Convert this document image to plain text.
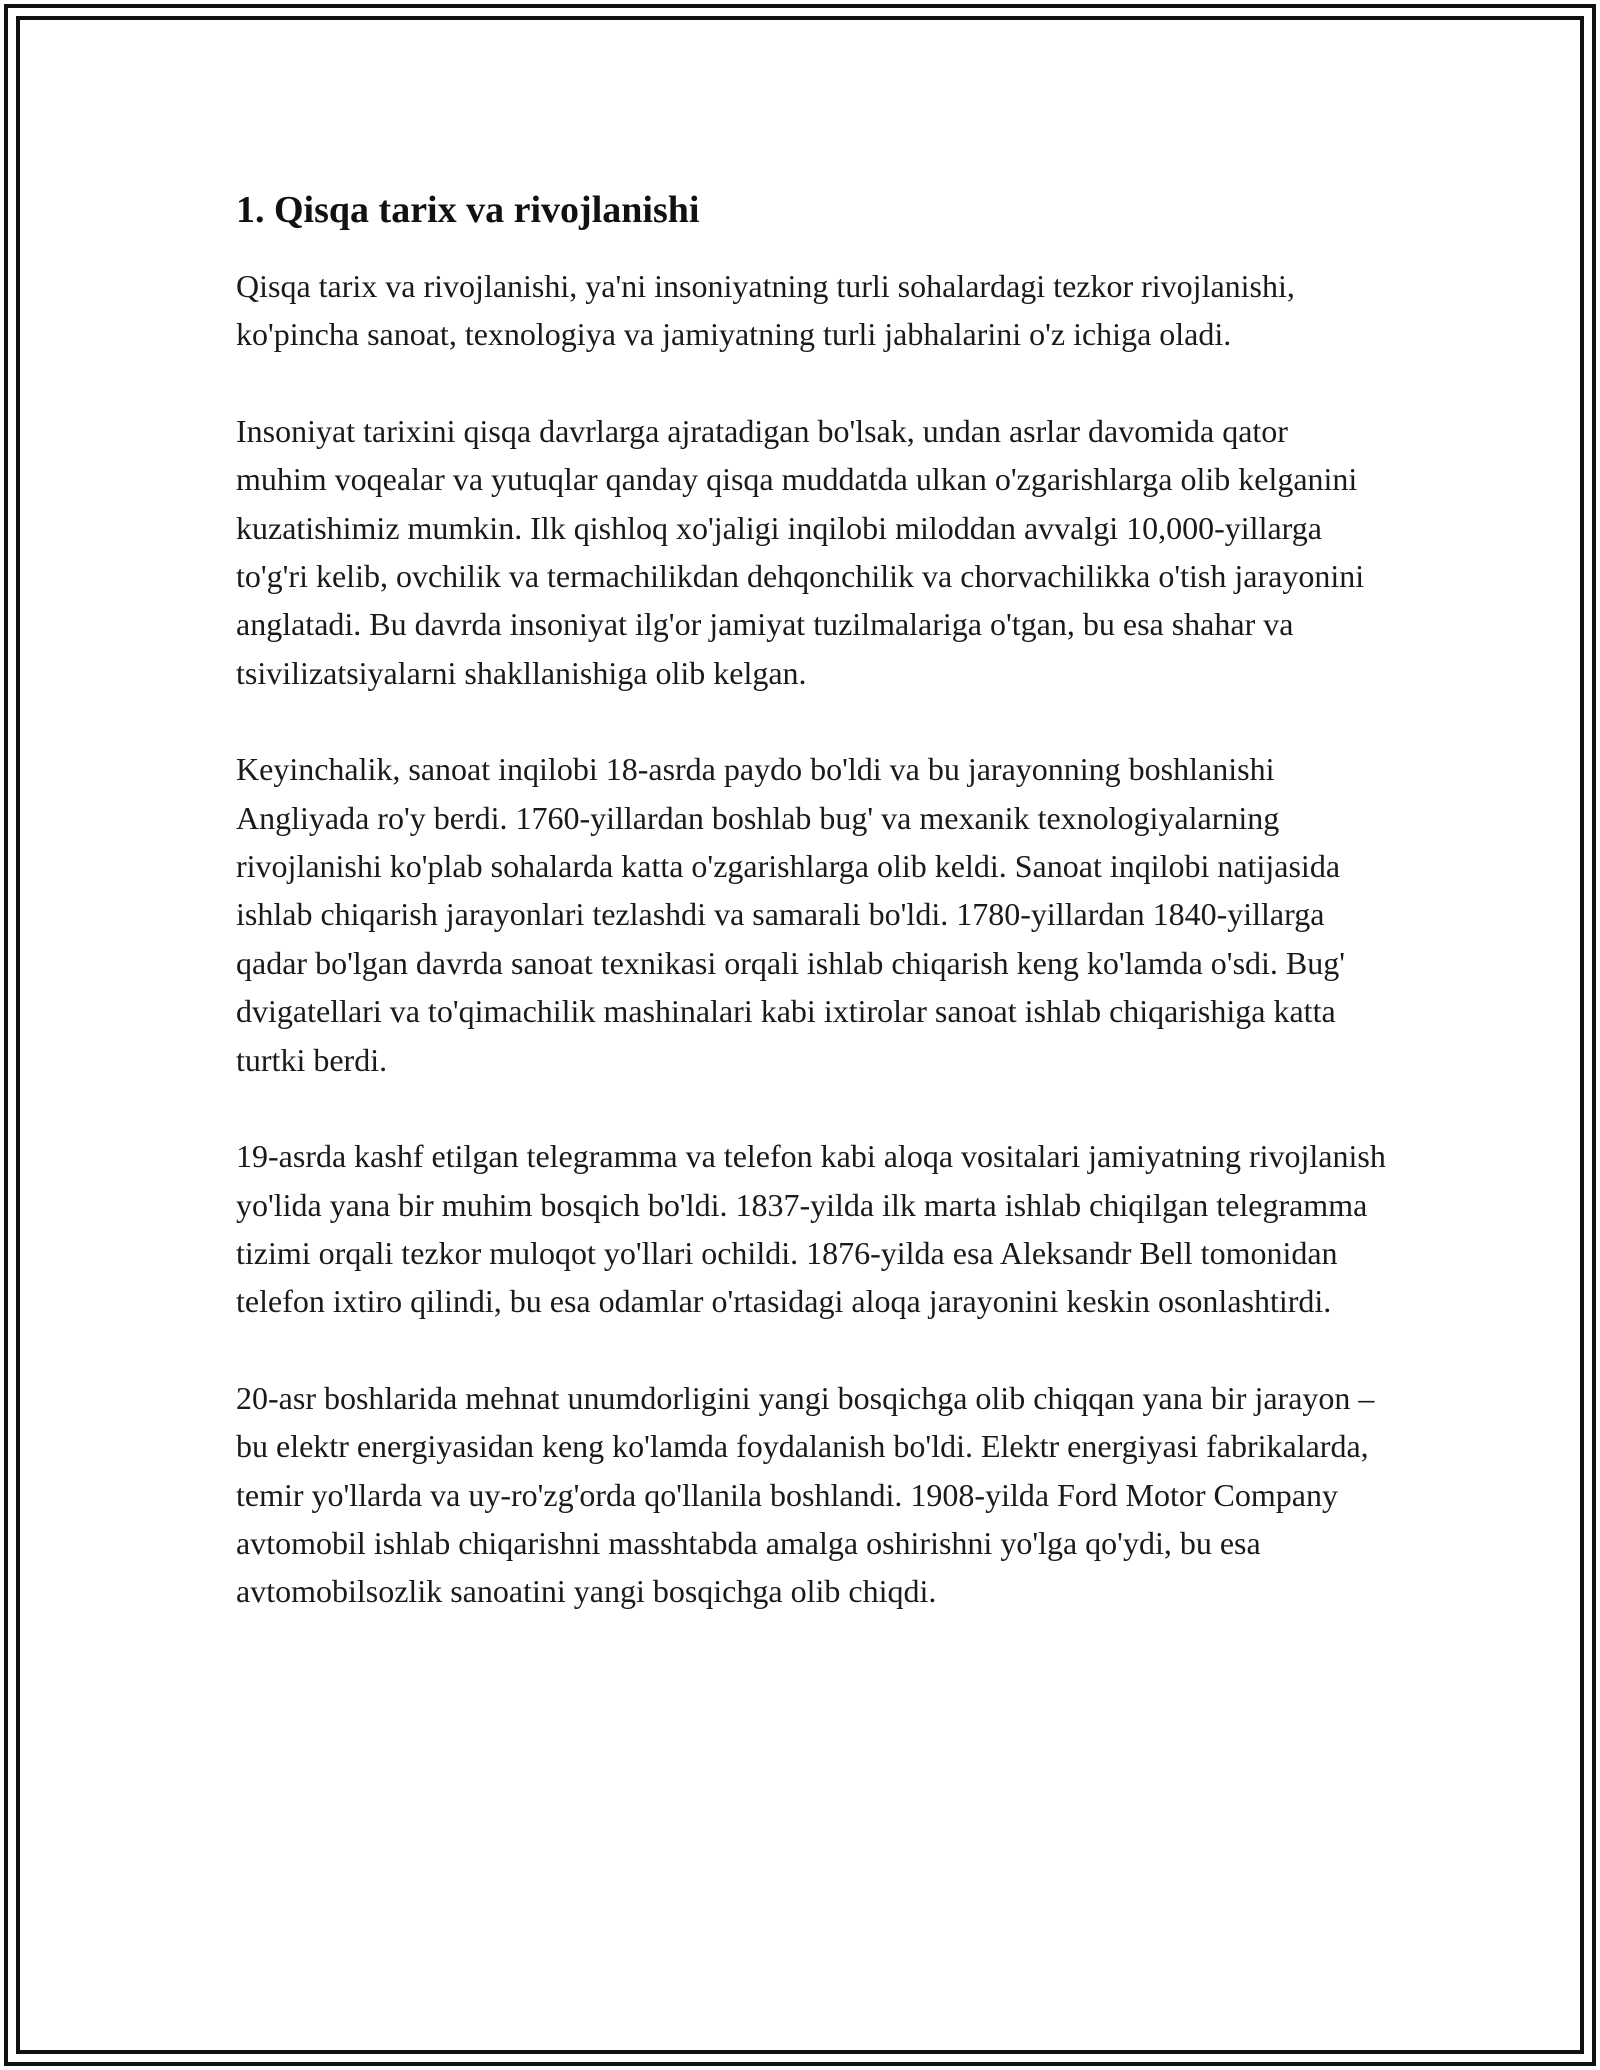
1. Qisqa tarix va rivojlanishi

Qisqa tarix va rivojlanishi, ya'ni insoniyatning turli sohalardagi tezkor rivojlanishi, ko'pincha sanoat, texnologiya va jamiyatning turli jabhalarini o'z ichiga oladi.

Insoniyat tarixini qisqa davrlarga ajratadigan bo'lsak, undan asrlar davomida qator muhim voqealar va yutuqlar qanday qisqa muddatda ulkan o'zgarishlarga olib kelganini kuzatishimiz mumkin. Ilk qishloq xo'jaligi inqilobi miloddan avvalgi 10,000-yillarga to'g'ri kelib, ovchilik va termachilikdan dehqonchilik va chorvachilikka o'tish jarayonini anglatadi. Bu davrda insoniyat ilg'or jamiyat tuzilmalariga o'tgan, bu esa shahar va tsivilizatsiyalarni shakllanishiga olib kelgan.

Keyinchalik, sanoat inqilobi 18-asrda paydo bo'ldi va bu jarayonning boshlanishi Angliyada ro'y berdi. 1760-yillardan boshlab bug' va mexanik texnologiyalarning rivojlanishi ko'plab sohalarda katta o'zgarishlarga olib keldi. Sanoat inqilobi natijasida ishlab chiqarish jarayonlari tezlashdi va samarali bo'ldi. 1780-yillardan 1840-yillarga qadar bo'lgan davrda sanoat texnikasi orqali ishlab chiqarish keng ko'lamda o'sdi. Bug' dvigatellari va to'qimachilik mashinalari kabi ixtirolar sanoat ishlab chiqarishiga katta turtki berdi.

19-asrda kashf etilgan telegramma va telefon kabi aloqa vositalari jamiyatning rivojlanish yo'lida yana bir muhim bosqich bo'ldi. 1837-yilda ilk marta ishlab chiqilgan telegramma tizimi orqali tezkor muloqot yo'llari ochildi. 1876-yilda esa Aleksandr Bell tomonidan telefon ixtiro qilindi, bu esa odamlar o'rtasidagi aloqa jarayonini keskin osonlashtirdi.

20-asr boshlarida mehnat unumdorligini yangi bosqichga olib chiqqan yana bir jarayon – bu elektr energiyasidan keng ko'lamda foydalanish bo'ldi. Elektr energiyasi fabrikalarda, temir yo'llarda va uy-ro'zg'orda qo'llanila boshlandi. 1908-yilda Ford Motor Company avtomobil ishlab chiqarishni masshtabda amalga oshirishni yo'lga qo'ydi, bu esa avtomobilsozlik sanoatini yangi bosqichga olib chiqdi.
